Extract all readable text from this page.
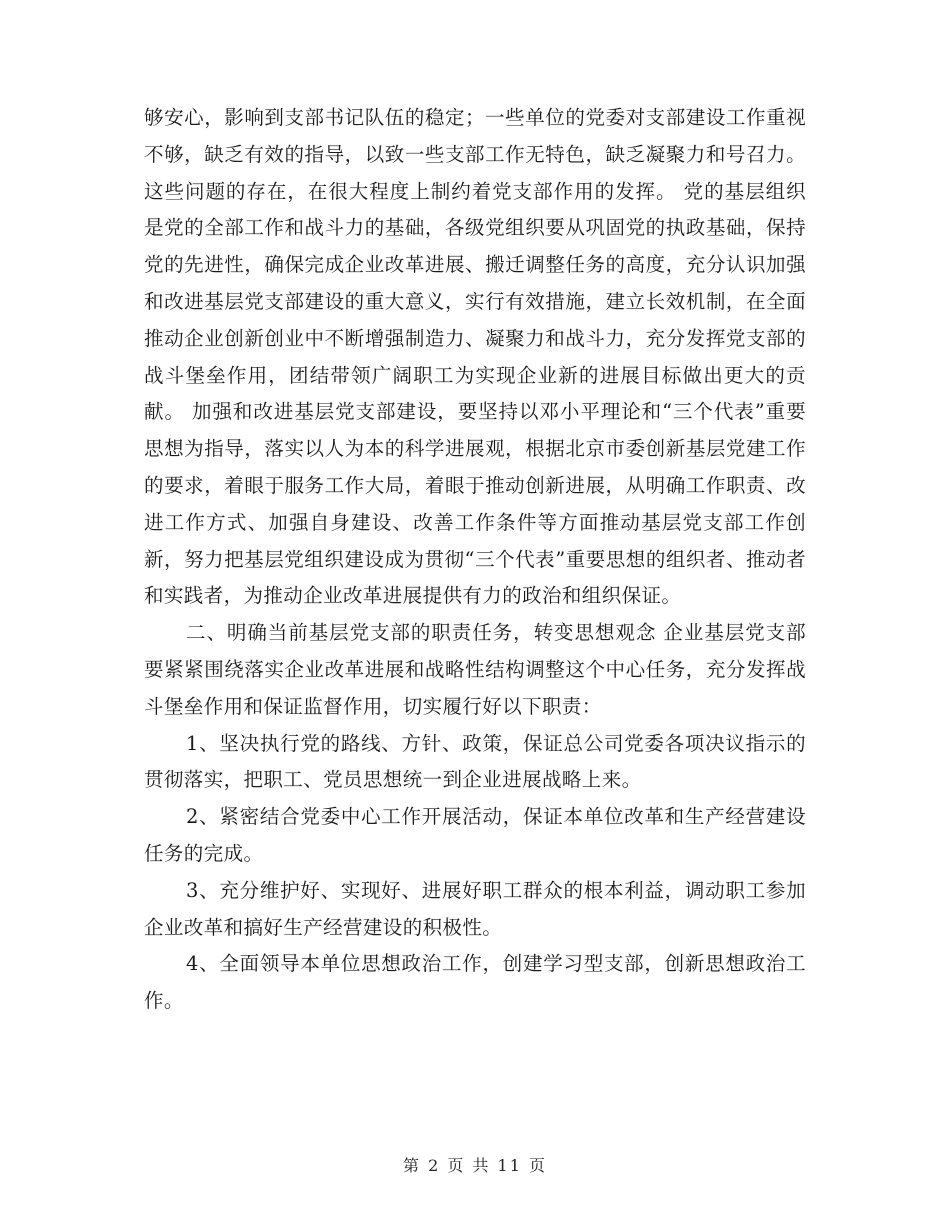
够安心，影响到支部书记队伍的稳定；一些单位的党委对支部建设工作重视不够，缺乏有效的指导，以致一些支部工作无特色，缺乏凝聚力和号召力。这些问题的存在，在很大程度上制约着党支部作用的发挥。 党的基层组织是党的全部工作和战斗力的基础，各级党组织要从巩固党的执政基础，保持党的先进性，确保完成企业改革进展、搬迁调整任务的高度，充分认识加强和改进基层党支部建设的重大意义，实行有效措施，建立长效机制，在全面推动企业创新创业中不断增强制造力、凝聚力和战斗力，充分发挥党支部的战斗堡垒作用，团结带领广阔职工为实现企业新的进展目标做出更大的贡献。 加强和改进基层党支部建设，要坚持以邓小平理论和“三个代表”重要思想为指导，落实以人为本的科学进展观，根据北京市委创新基层党建工作的要求，着眼于服务工作大局，着眼于推动创新进展，从明确工作职责、改进工作方式、加强自身建设、改善工作条件等方面推动基层党支部工作创新，努力把基层党组织建设成为贯彻“三个代表”重要思想的组织者、推动者和实践者，为推动企业改革进展提供有力的政治和组织保证。

二、明确当前基层党支部的职责任务，转变思想观念 企业基层党支部要紧紧围绕落实企业改革进展和战略性结构调整这个中心任务，充分发挥战斗堡垒作用和保证监督作用，切实履行好以下职责：

1、坚决执行党的路线、方针、政策，保证总公司党委各项决议指示的贯彻落实，把职工、党员思想统一到企业进展战略上来。

2、紧密结合党委中心工作开展活动，保证本单位改革和生产经营建设任务的完成。

3、充分维护好、实现好、进展好职工群众的根本利益，调动职工参加企业改革和搞好生产经营建设的积极性。

4、全面领导本单位思想政治工作，创建学习型支部，创新思想政治工作。

第 2 页 共 11 页
